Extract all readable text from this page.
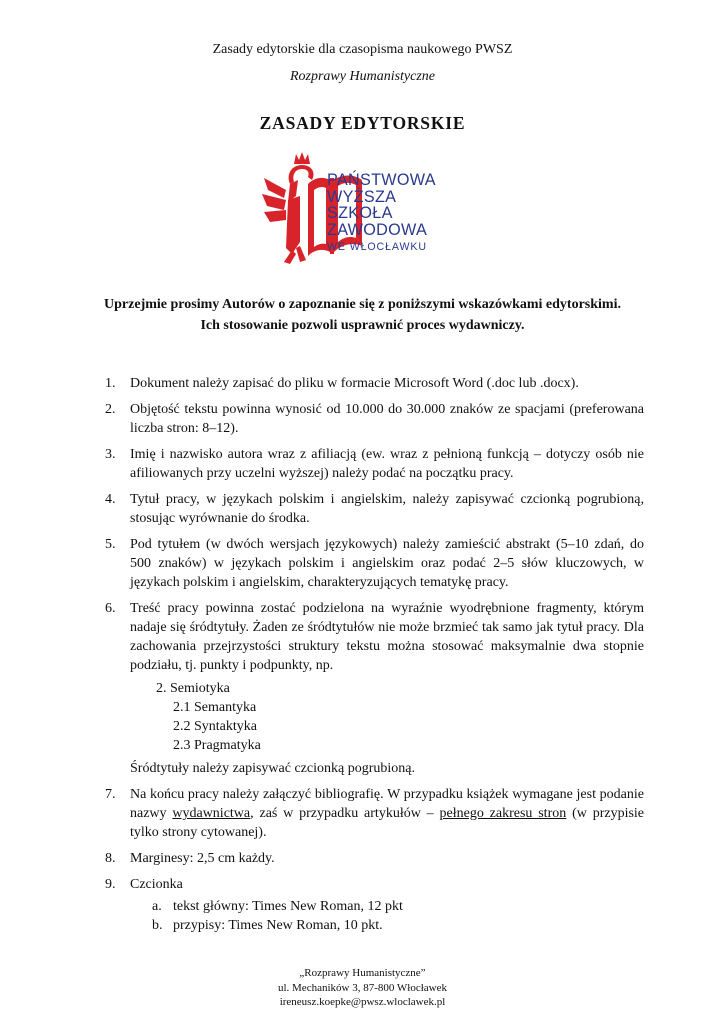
Zasady edytorskie dla czasopisma naukowego PWSZ
Rozprawy Humanistyczne
ZASADY EDYTORSKIE
PAŃSTWOWA
WYŻSZA
SZKOŁA
ZAWODOWA
WE WŁOCŁAWKU
Uprzejmie prosimy Autorów o zapoznanie się z poniższymi wskazówkami edytorskimi.
Ich stosowanie pozwoli usprawnić proces wydawniczy.
1. Dokument należy zapisać do pliku w formacie Microsoft Word (.doc lub .docx).
2. Objętość tekstu powinna wynosić od 10.000 do 30.000 znaków ze spacjami (preferowana liczba stron: 8–12).
3. Imię i nazwisko autora wraz z afiliacją (ew. wraz z pełnioną funkcją – dotyczy osób nie afiliowanych przy uczelni wyższej) należy podać na początku pracy.
4. Tytuł pracy, w językach polskim i angielskim, należy zapisywać czcionką pogrubioną, stosując wyrównanie do środka.
5. Pod tytułem (w dwóch wersjach językowych) należy zamieścić abstrakt (5–10 zdań, do 500 znaków) w językach polskim i angielskim oraz podać 2–5 słów kluczowych, w językach polskim i angielskim, charakteryzujących tematykę pracy.
6. Treść pracy powinna zostać podzielona na wyraźnie wyodrębnione fragmenty, którym nadaje się śródtytuły. Żaden ze śródtytułów nie może brzmieć tak samo jak tytuł pracy. Dla zachowania przejrzystości struktury tekstu można stosować maksymalnie dwa stopnie podziału, tj. punkty i podpunkty, np.
2. Semiotyka
2.1 Semantyka
2.2 Syntaktyka
2.3 Pragmatyka
Śródtytuły należy zapisywać czcionką pogrubioną.
7. Na końcu pracy należy załączyć bibliografię. W przypadku książek wymagane jest podanie nazwy wydawnictwa, zaś w przypadku artykułów – pełnego zakresu stron (w przypisie tylko strony cytowanej).
8. Marginesy: 2,5 cm każdy.
9. Czcionka
a. tekst główny: Times New Roman, 12 pkt
b. przypisy: Times New Roman, 10 pkt.
„Rozprawy Humanistyczne”
ul. Mechaników 3, 87-800 Włocławek
ireneusz.koepke@pwsz.wloclawek.pl
